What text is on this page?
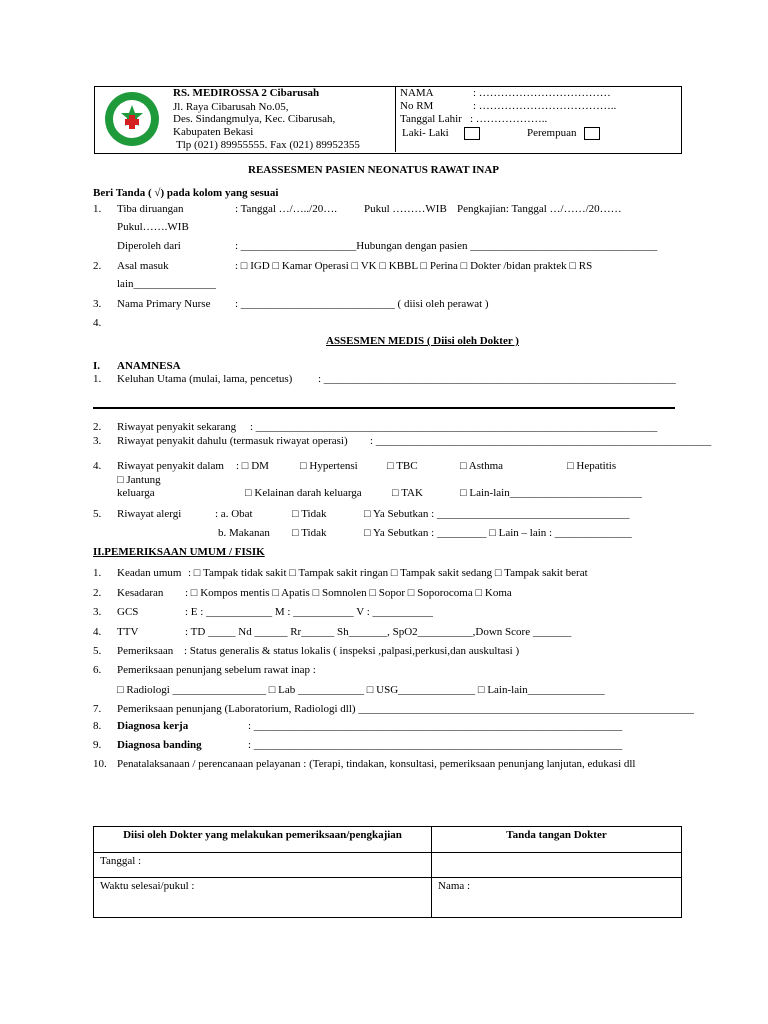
RS. MEDIROSSA 2 Cibarusah
Jl. Raya Cibarusah No.05,
Des. Sindangmulya, Kec. Cibarusah,
Kabupaten Bekasi
Tlp (021) 89955555. Fax (021) 89952355
NAMA	: ………………………………
No RM	: ………………………………..
Tanggal Lahir : ………………..
Laki- Laki	Perempuan
REASSESMEN PASIEN NEONATUS RAWAT INAP
Beri Tanda ( √) pada kolom yang sesuai
1. Tiba diruangan	: Tanggal …/…../20…. Pukul ………WIB Pengkajian: Tanggal …/……/20……
Pukul…….WIB
Diperoleh dari	: _____________________Hubungan dengan pasien __________________________________
2. Asal masuk	: □ IGD □ Kamar Operasi □ VK □ KBBL □ Perina □ Dokter /bidan praktek □ RS
lain_______________
3. Nama Primary Nurse : ____________________________ ( diisi oleh perawat )
4.
ASSESMEN MEDIS ( Diisi oleh Dokter )
I. ANAMNESA
1. Keluhan Utama (mulai, lama, pencetus) : ________________________________________________________________
2. Riwayat penyakit sekarang : _________________________________________________________________________
3. Riwayat penyakit dahulu (termasuk riwayat operasi) : _____________________________________________________________
4. Riwayat penyakit dalam : □ DM	□ Hypertensi	□ TBC	□ Asthma	□ Hepatitis
□ Jantung
keluarga	□ Kelainan darah keluarga	□ TAK	□ Lain-lain________________________
5. Riwayat alergi	: a. Obat	□ Tidak	□ Ya Sebutkan : ___________________________________
b. Makanan □ Tidak	□ Ya Sebutkan : _________ □ Lain – lain : ______________
II.PEMERIKSAAN UMUM / FISIK
1. Keadan umum : □ Tampak tidak sakit □ Tampak sakit ringan □ Tampak sakit sedang □ Tampak sakit berat
2. Kesadaran : □ Kompos mentis □ Apatis □ Somnolen □ Sopor □ Soporocoma □ Koma
3. GCS	: E : ____________ M : ___________ V : ___________
4. TTV	: TD _____ Nd ______ Rr______ Sh_______, SpO2__________,Down Score _______
5. Pemeriksaan : Status generalis & status lokalis ( inspeksi ,palpasi,perkusi,dan auskultasi )
6. Pemeriksaan penunjang sebelum rawat inap :
□ Radiologi _________________ □ Lab ____________ □ USG______________ □ Lain-lain______________
7. Pemeriksaan penunjang (Laboratorium, Radiologi dll) _____________________________________________________________
8. Diagnosa kerja	: ___________________________________________________________________
9. Diagnosa banding	: ___________________________________________________________________
10. Penatalaksanaan / perencanaan pelayanan : (Terapi, tindakan, konsultasi, pemeriksaan penunjang lanjutan, edukasi dll
Diisi oleh Dokter yang melakukan pemeriksaan/pengkajian	Tanda tangan Dokter
Tanggal :	
Waktu selesai/pukul :	Nama :
